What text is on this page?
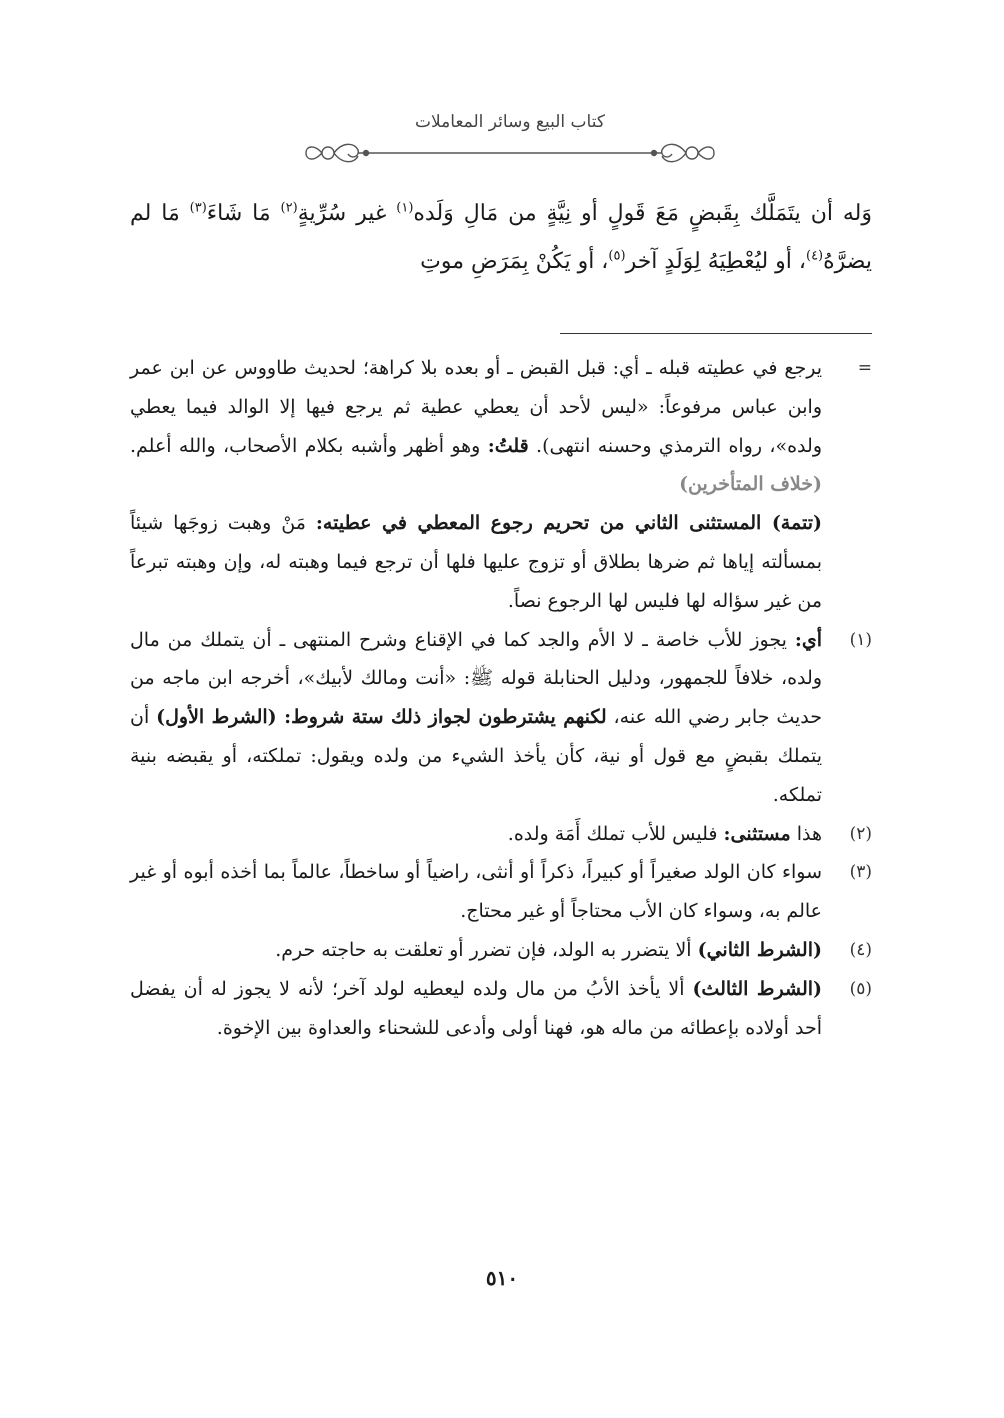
كتاب البيع وسائر المعاملات

وَله أن يتَمَلَّك بِقَبضٍ مَعَ قَولٍ أو نِيَّةٍ من مَالِ وَلَده$^{(١)}$ غير سُرِّيةٍ$^{(٢)}$ مَا شَاءَ$^{(٣)}$ مَا لم يضرَّهُ$^{(٤)}$، أو ليُعْطِيَهُ لِوَلَدٍ آخر$^{(٥)}$، أو يَكُنْ بِمَرَضِ موتِ

=

يرجع في عطيته قبله ـ أي: قبل القبض ـ أو بعده بلا كراهة؛ لحديث طاووس عن ابن عمر وابن عباس مرفوعاً: «ليس لأحد أن يعطي عطية ثم يرجع فيها إلا الوالد فيما يعطي ولده»، رواه الترمذي وحسنه انتهى). قلتُ: وهو أظهر وأشبه بكلام الأصحاب، والله أعلم. (خلاف المتأخرين)
(تتمة) المستثنى الثاني من تحريم رجوع المعطي في عطيته: مَنْ وهبت زوجَها شيئاً بمسألته إياها ثم ضرها بطلاق أو تزوج عليها فلها أن ترجع فيما وهبته له، وإن وهبته تبرعاً من غير سؤاله لها فليس لها الرجوع نصاً.

(١)

أي: يجوز للأب خاصة ـ لا الأم والجد كما في الإقناع وشرح المنتهى ـ أن يتملك من مال ولده، خلافاً للجمهور، ودليل الحنابلة قوله ﷺ: «أنت ومالك لأبيك»، أخرجه ابن ماجه من حديث جابر رضي الله عنه، لكنهم يشترطون لجواز ذلك ستة شروط: (الشرط الأول) أن يتملك بقبضٍ مع قول أو نية، كأن يأخذ الشيء من ولده ويقول: تملكته، أو يقبضه بنية تملكه.

(٢)

هذا مستثنى: فليس للأب تملك أَمَة ولده.

(٣)

سواء كان الولد صغيراً أو كبيراً، ذكراً أو أنثى، راضياً أو ساخطاً، عالماً بما أخذه أبوه أو غير عالم به، وسواء كان الأب محتاجاً أو غير محتاج.

(٤)

(الشرط الثاني) ألا يتضرر به الولد، فإن تضرر أو تعلقت به حاجته حرم.

(٥)

(الشرط الثالث) ألا يأخذ الأبُ من مال ولده ليعطيه لولد آخر؛ لأنه لا يجوز له أن يفضل أحد أولاده بإعطائه من ماله هو، فهنا أولى وأدعى للشحناء والعداوة بين الإخوة.

٥١٠
